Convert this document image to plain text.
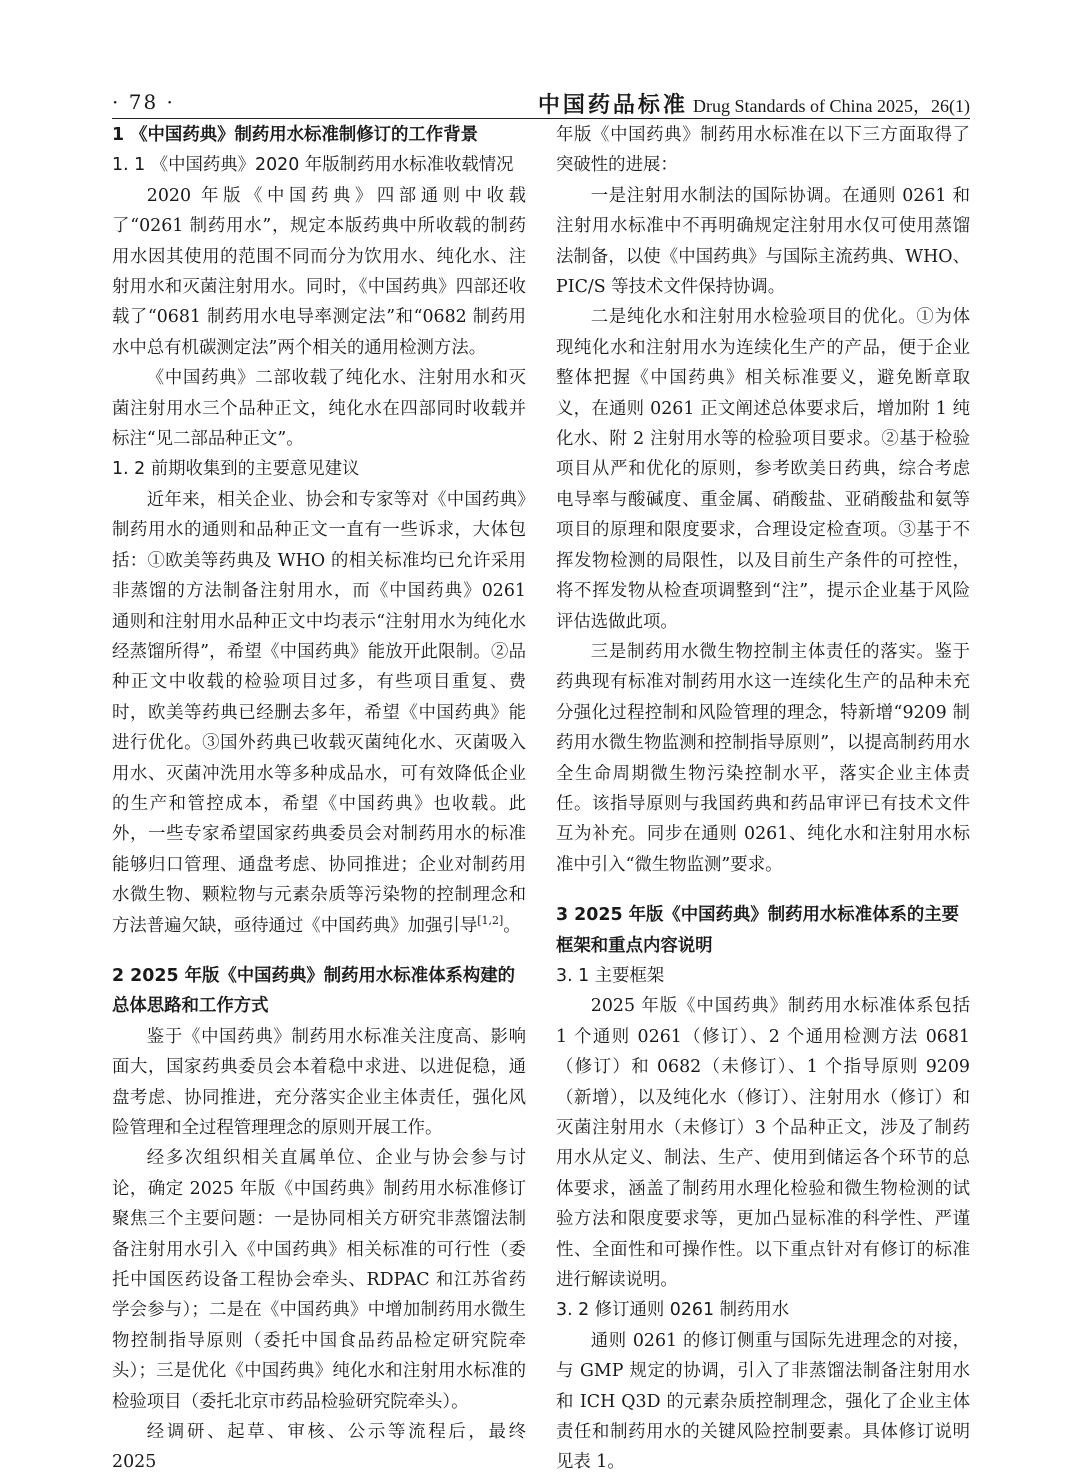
· 78 ·	中国药品标准 Drug Standards of China 2025，26(1)

1 《中国药典》制药用水标准制修订的工作背景

1. 1 《中国药典》2020 年版制药用水标准收载情况

2020 年版《中国药典》四部通则中收载了“0261 制药用水”，规定本版药典中所收载的制药用水因其使用的范围不同而分为饮用水、纯化水、注射用水和灭菌注射用水。同时，《中国药典》四部还收载了“0681 制药用水电导率测定法”和“0682 制药用水中总有机碳测定法”两个相关的通用检测方法。

《中国药典》二部收载了纯化水、注射用水和灭菌注射用水三个品种正文，纯化水在四部同时收载并标注“见二部品种正文”。

1. 2 前期收集到的主要意见建议

近年来，相关企业、协会和专家等对《中国药典》制药用水的通则和品种正文一直有一些诉求，大体包括：①欧美等药典及 WHO 的相关标准均已允许采用非蒸馏的方法制备注射用水，而《中国药典》0261 通则和注射用水品种正文中均表示“注射用水为纯化水经蒸馏所得”，希望《中国药典》能放开此限制。②品种正文中收载的检验项目过多，有些项目重复、费时，欧美等药典已经删去多年，希望《中国药典》能进行优化。③国外药典已收载灭菌纯化水、灭菌吸入用水、灭菌冲洗用水等多种成品水，可有效降低企业的生产和管控成本，希望《中国药典》也收载。此外，一些专家希望国家药典委员会对制药用水的标准能够归口管理、通盘考虑、协同推进；企业对制药用水微生物、颗粒物与元素杂质等污染物的控制理念和方法普遍欠缺，亟待通过《中国药典》加强引导[1,2]。

2 2025 年版《中国药典》制药用水标准体系构建的总体思路和工作方式

鉴于《中国药典》制药用水标准关注度高、影响面大，国家药典委员会本着稳中求进、以进促稳，通盘考虑、协同推进，充分落实企业主体责任，强化风险管理和全过程管理理念的原则开展工作。

经多次组织相关直属单位、企业与协会参与讨论，确定 2025 年版《中国药典》制药用水标准修订聚焦三个主要问题：一是协同相关方研究非蒸馏法制备注射用水引入《中国药典》相关标准的可行性（委托中国医药设备工程协会牵头、RDPAC 和江苏省药学会参与）；二是在《中国药典》中增加制药用水微生物控制指导原则（委托中国食品药品检定研究院牵头）；三是优化《中国药典》纯化水和注射用水标准的检验项目（委托北京市药品检验研究院牵头）。

经调研、起草、审核、公示等流程后，最终 2025

年版《中国药典》制药用水标准在以下三方面取得了突破性的进展：

一是注射用水制法的国际协调。在通则 0261 和注射用水标准中不再明确规定注射用水仅可使用蒸馏法制备，以使《中国药典》与国际主流药典、WHO、PIC/S 等技术文件保持协调。

二是纯化水和注射用水检验项目的优化。①为体现纯化水和注射用水为连续化生产的产品，便于企业整体把握《中国药典》相关标准要义，避免断章取义，在通则 0261 正文阐述总体要求后，增加附 1 纯化水、附 2 注射用水等的检验项目要求。②基于检验项目从严和优化的原则，参考欧美日药典，综合考虑电导率与酸碱度、重金属、硝酸盐、亚硝酸盐和氨等项目的原理和限度要求，合理设定检查项。③基于不挥发物检测的局限性，以及目前生产条件的可控性，将不挥发物从检查项调整到“注”，提示企业基于风险评估选做此项。

三是制药用水微生物控制主体责任的落实。鉴于药典现有标准对制药用水这一连续化生产的品种未充分强化过程控制和风险管理的理念，特新增“9209 制药用水微生物监测和控制指导原则”，以提高制药用水全生命周期微生物污染控制水平，落实企业主体责任。该指导原则与我国药典和药品审评已有技术文件互为补充。同步在通则 0261、纯化水和注射用水标准中引入“微生物监测”要求。

3 2025 年版《中国药典》制药用水标准体系的主要框架和重点内容说明

3. 1 主要框架

2025 年版《中国药典》制药用水标准体系包括 1 个通则 0261（修订）、2 个通用检测方法 0681（修订）和 0682（未修订）、1 个指导原则 9209（新增），以及纯化水（修订）、注射用水（修订）和灭菌注射用水（未修订）3 个品种正文，涉及了制药用水从定义、制法、生产、使用到储运各个环节的总体要求，涵盖了制药用水理化检验和微生物检测的试验方法和限度要求等，更加凸显标准的科学性、严谨性、全面性和可操作性。以下重点针对有修订的标准进行解读说明。

3. 2 修订通则 0261 制药用水

通则 0261 的修订侧重与国际先进理念的对接，与 GMP 规定的协调，引入了非蒸馏法制备注射用水和 ICH Q3D 的元素杂质控制理念，强化了企业主体责任和制药用水的关键风险控制要素。具体修订说明见表 1。
